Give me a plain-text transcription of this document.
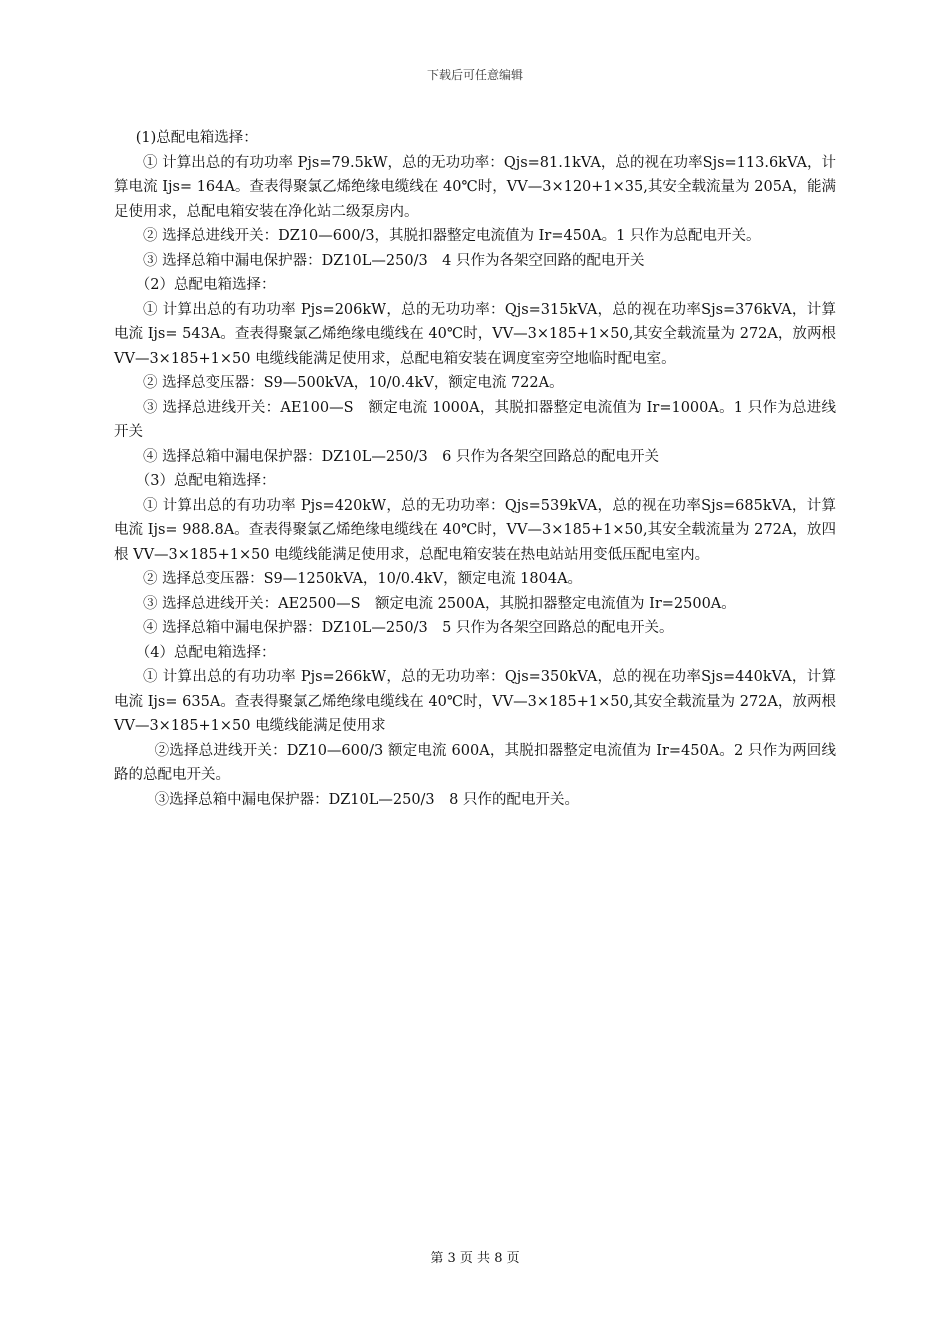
下载后可任意编辑

(1)总配电箱选择：

① 计算出总的有功功率 Pjs=79.5kW，总的无功功率：Qjs=81.1kVA，总的视在功率Sjs=113.6kVA，计算电流 Ijs= 164A。查表得聚氯乙烯绝缘电缆线在 40℃时，VV—3×120+1×35,其安全载流量为 205A，能满足使用求，总配电箱安装在净化站二级泵房内。

② 选择总进线开关：DZ10—600/3，其脱扣器整定电流值为 Ir=450A。1 只作为总配电开关。

③ 选择总箱中漏电保护器：DZ10L—250/3　4 只作为各架空回路的配电开关

（2）总配电箱选择：

① 计算出总的有功功率 Pjs=206kW，总的无功功率：Qjs=315kVA，总的视在功率Sjs=376kVA，计算电流 Ijs= 543A。查表得聚氯乙烯绝缘电缆线在 40℃时，VV—3×185+1×50,其安全载流量为 272A，放两根 VV—3×185+1×50 电缆线能满足使用求，总配电箱安装在调度室旁空地临时配电室。

② 选择总变压器：S9—500kVA，10/0.4kV，额定电流 722A。

③ 选择总进线开关：AE100—S　额定电流 1000A，其脱扣器整定电流值为 Ir=1000A。1 只作为总进线开关

④ 选择总箱中漏电保护器：DZ10L—250/3　6 只作为各架空回路总的配电开关

（3）总配电箱选择：

① 计算出总的有功功率 Pjs=420kW，总的无功功率：Qjs=539kVA，总的视在功率Sjs=685kVA，计算电流 Ijs= 988.8A。查表得聚氯乙烯绝缘电缆线在 40℃时，VV—3×185+1×50,其安全载流量为 272A，放四根 VV—3×185+1×50 电缆线能满足使用求，总配电箱安装在热电站站用变低压配电室内。

② 选择总变压器：S9—1250kVA，10/0.4kV，额定电流 1804A。

③ 选择总进线开关：AE2500—S　额定电流 2500A，其脱扣器整定电流值为 Ir=2500A。

④ 选择总箱中漏电保护器：DZ10L—250/3　5 只作为各架空回路总的配电开关。

（4）总配电箱选择：

① 计算出总的有功功率 Pjs=266kW，总的无功功率：Qjs=350kVA，总的视在功率Sjs=440kVA，计算电流 Ijs= 635A。查表得聚氯乙烯绝缘电缆线在 40℃时，VV—3×185+1×50,其安全载流量为 272A，放两根 VV—3×185+1×50 电缆线能满足使用求

②选择总进线开关：DZ10—600/3 额定电流 600A，其脱扣器整定电流值为 Ir=450A。2 只作为两回线路的总配电开关。

③选择总箱中漏电保护器：DZ10L—250/3　8 只作的配电开关。

第 3 页 共 8 页
